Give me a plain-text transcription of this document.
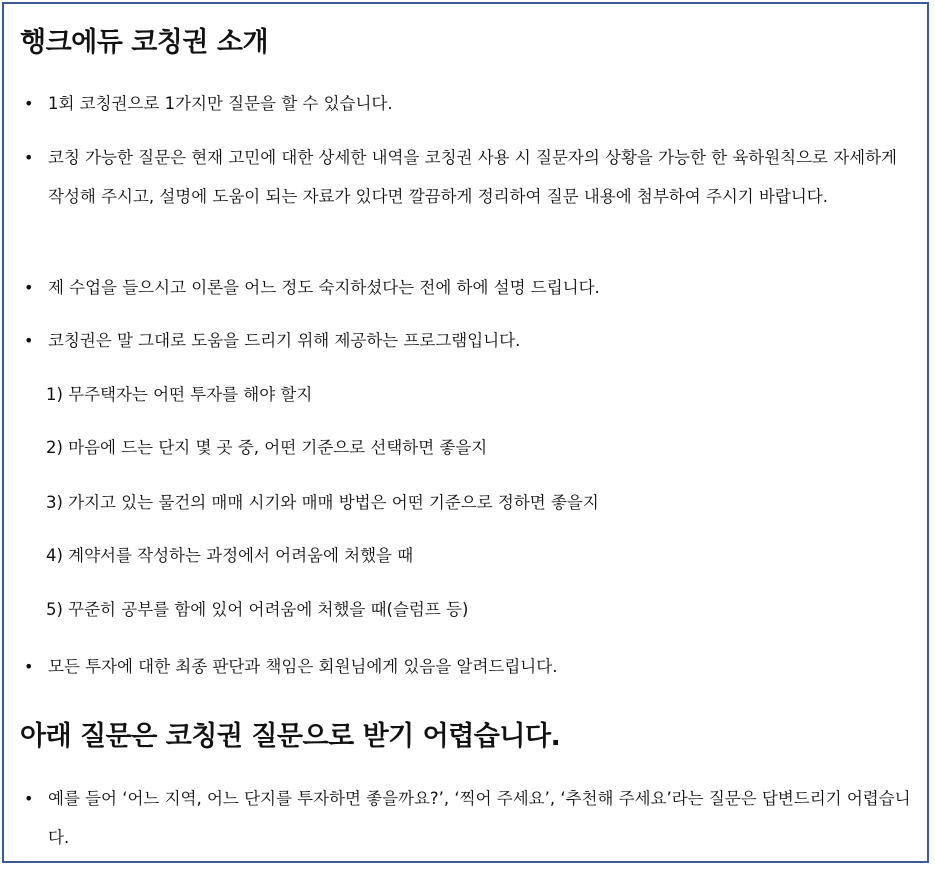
행크에듀 코칭권 소개
• 1회 코칭권으로 1가지만 질문을 할 수 있습니다.
• 코칭 가능한 질문은 현재 고민에 대한 상세한 내역을 코칭권 사용 시 질문자의 상황을 가능한 한 육하원칙으로 자세하게 작성해 주시고, 설명에 도움이 되는 자료가 있다면 깔끔하게 정리하여 질문 내용에 첨부하여 주시기 바랍니다.
• 제 수업을 들으시고 이론을 어느 정도 숙지하셨다는 전에 하에 설명 드립니다.
• 코칭권은 말 그대로 도움을 드리기 위해 제공하는 프로그램입니다.
1) 무주택자는 어떤 투자를 해야 할지
2) 마음에 드는 단지 몇 곳 중, 어떤 기준으로 선택하면 좋을지
3) 가지고 있는 물건의 매매 시기와 매매 방법은 어떤 기준으로 정하면 좋을지
4) 계약서를 작성하는 과정에서 어려움에 처했을 때
5) 꾸준히 공부를 함에 있어 어려움에 처했을 때(슬럼프 등)
• 모든 투자에 대한 최종 판단과 책임은 회원님에게 있음을 알려드립니다.
아래 질문은 코칭권 질문으로 받기 어렵습니다.
• 예를 들어 ‘어느 지역, 어느 단지를 투자하면 좋을까요?’, ‘찍어 주세요’, ‘추천해 주세요’라는 질문은 답변드리기 어렵습니다.
